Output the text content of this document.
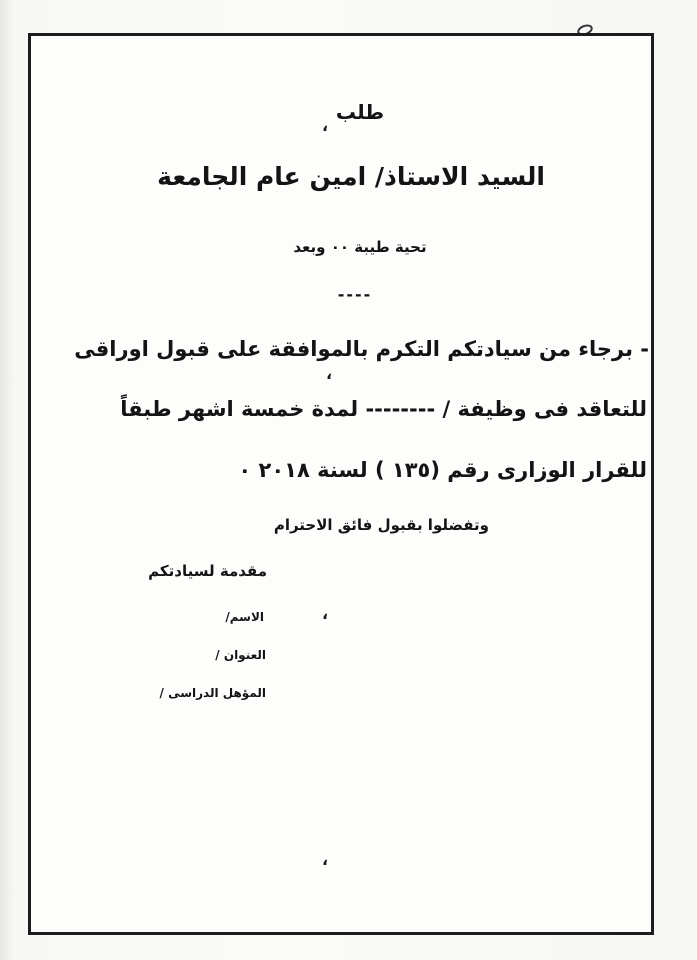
طلب

،

السيد الاستاذ/ امين عام الجامعة

تحية طيبة ٠٠ وبعد

----

- برجاء من سيادتكم التكرم بالموافقة على قبول اوراقى

،

للتعاقد فى وظيفة / -------- لمدة خمسة اشهر طبقاً

للقرار الوزارى رقم (١٣٥ ) لسنة ٢٠١٨ ٠

وتفضلوا بقبول فائق الاحترام

مقدمة لسيادتكم

الاسم/	،

العنوان /

المؤهل الدراسى /

،
